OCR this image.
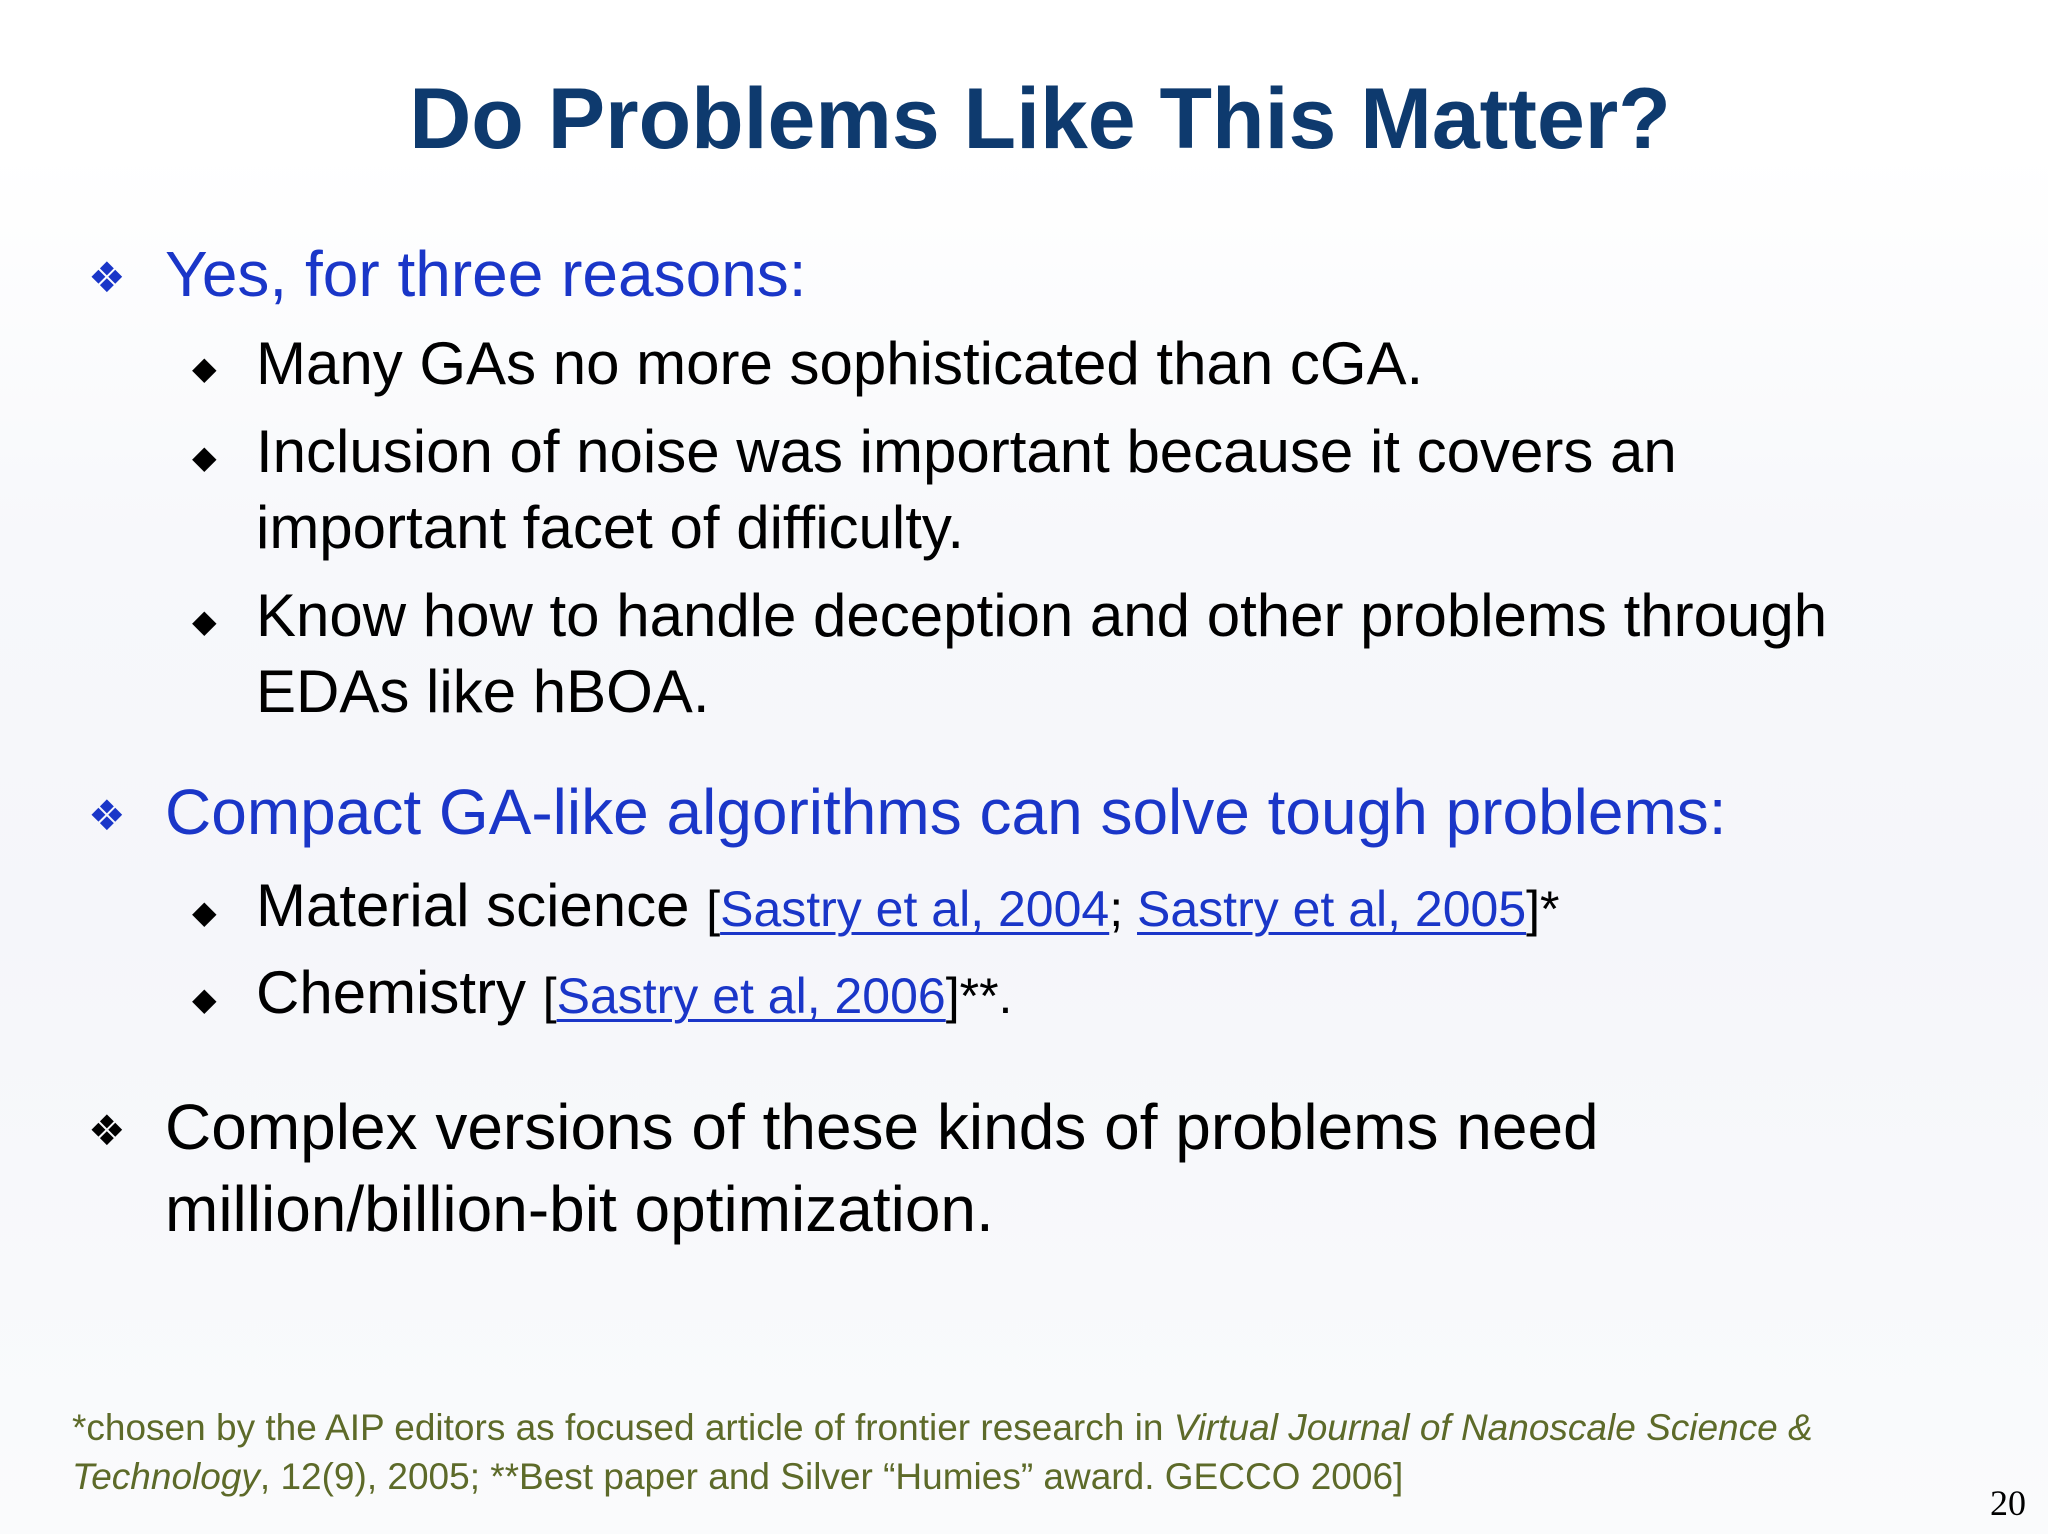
Do Problems Like This Matter?
❖ Yes, for three reasons:
◆ Many GAs no more sophisticated than cGA.
◆ Inclusion of noise was important because it covers an
important facet of difficulty.
◆ Know how to handle deception and other problems through
EDAs like hBOA.
❖ Compact GA-like algorithms can solve tough problems:
◆ Material science [Sastry et al, 2004; Sastry et al, 2005]*
◆ Chemistry [Sastry et al, 2006]**.
❖ Complex versions of these kinds of problems need
million/billion-bit optimization.
*chosen by the AIP editors as focused article of frontier research in Virtual Journal of Nanoscale Science &
Technology, 12(9), 2005; **Best paper and Silver “Humies” award. GECCO 2006]
20
